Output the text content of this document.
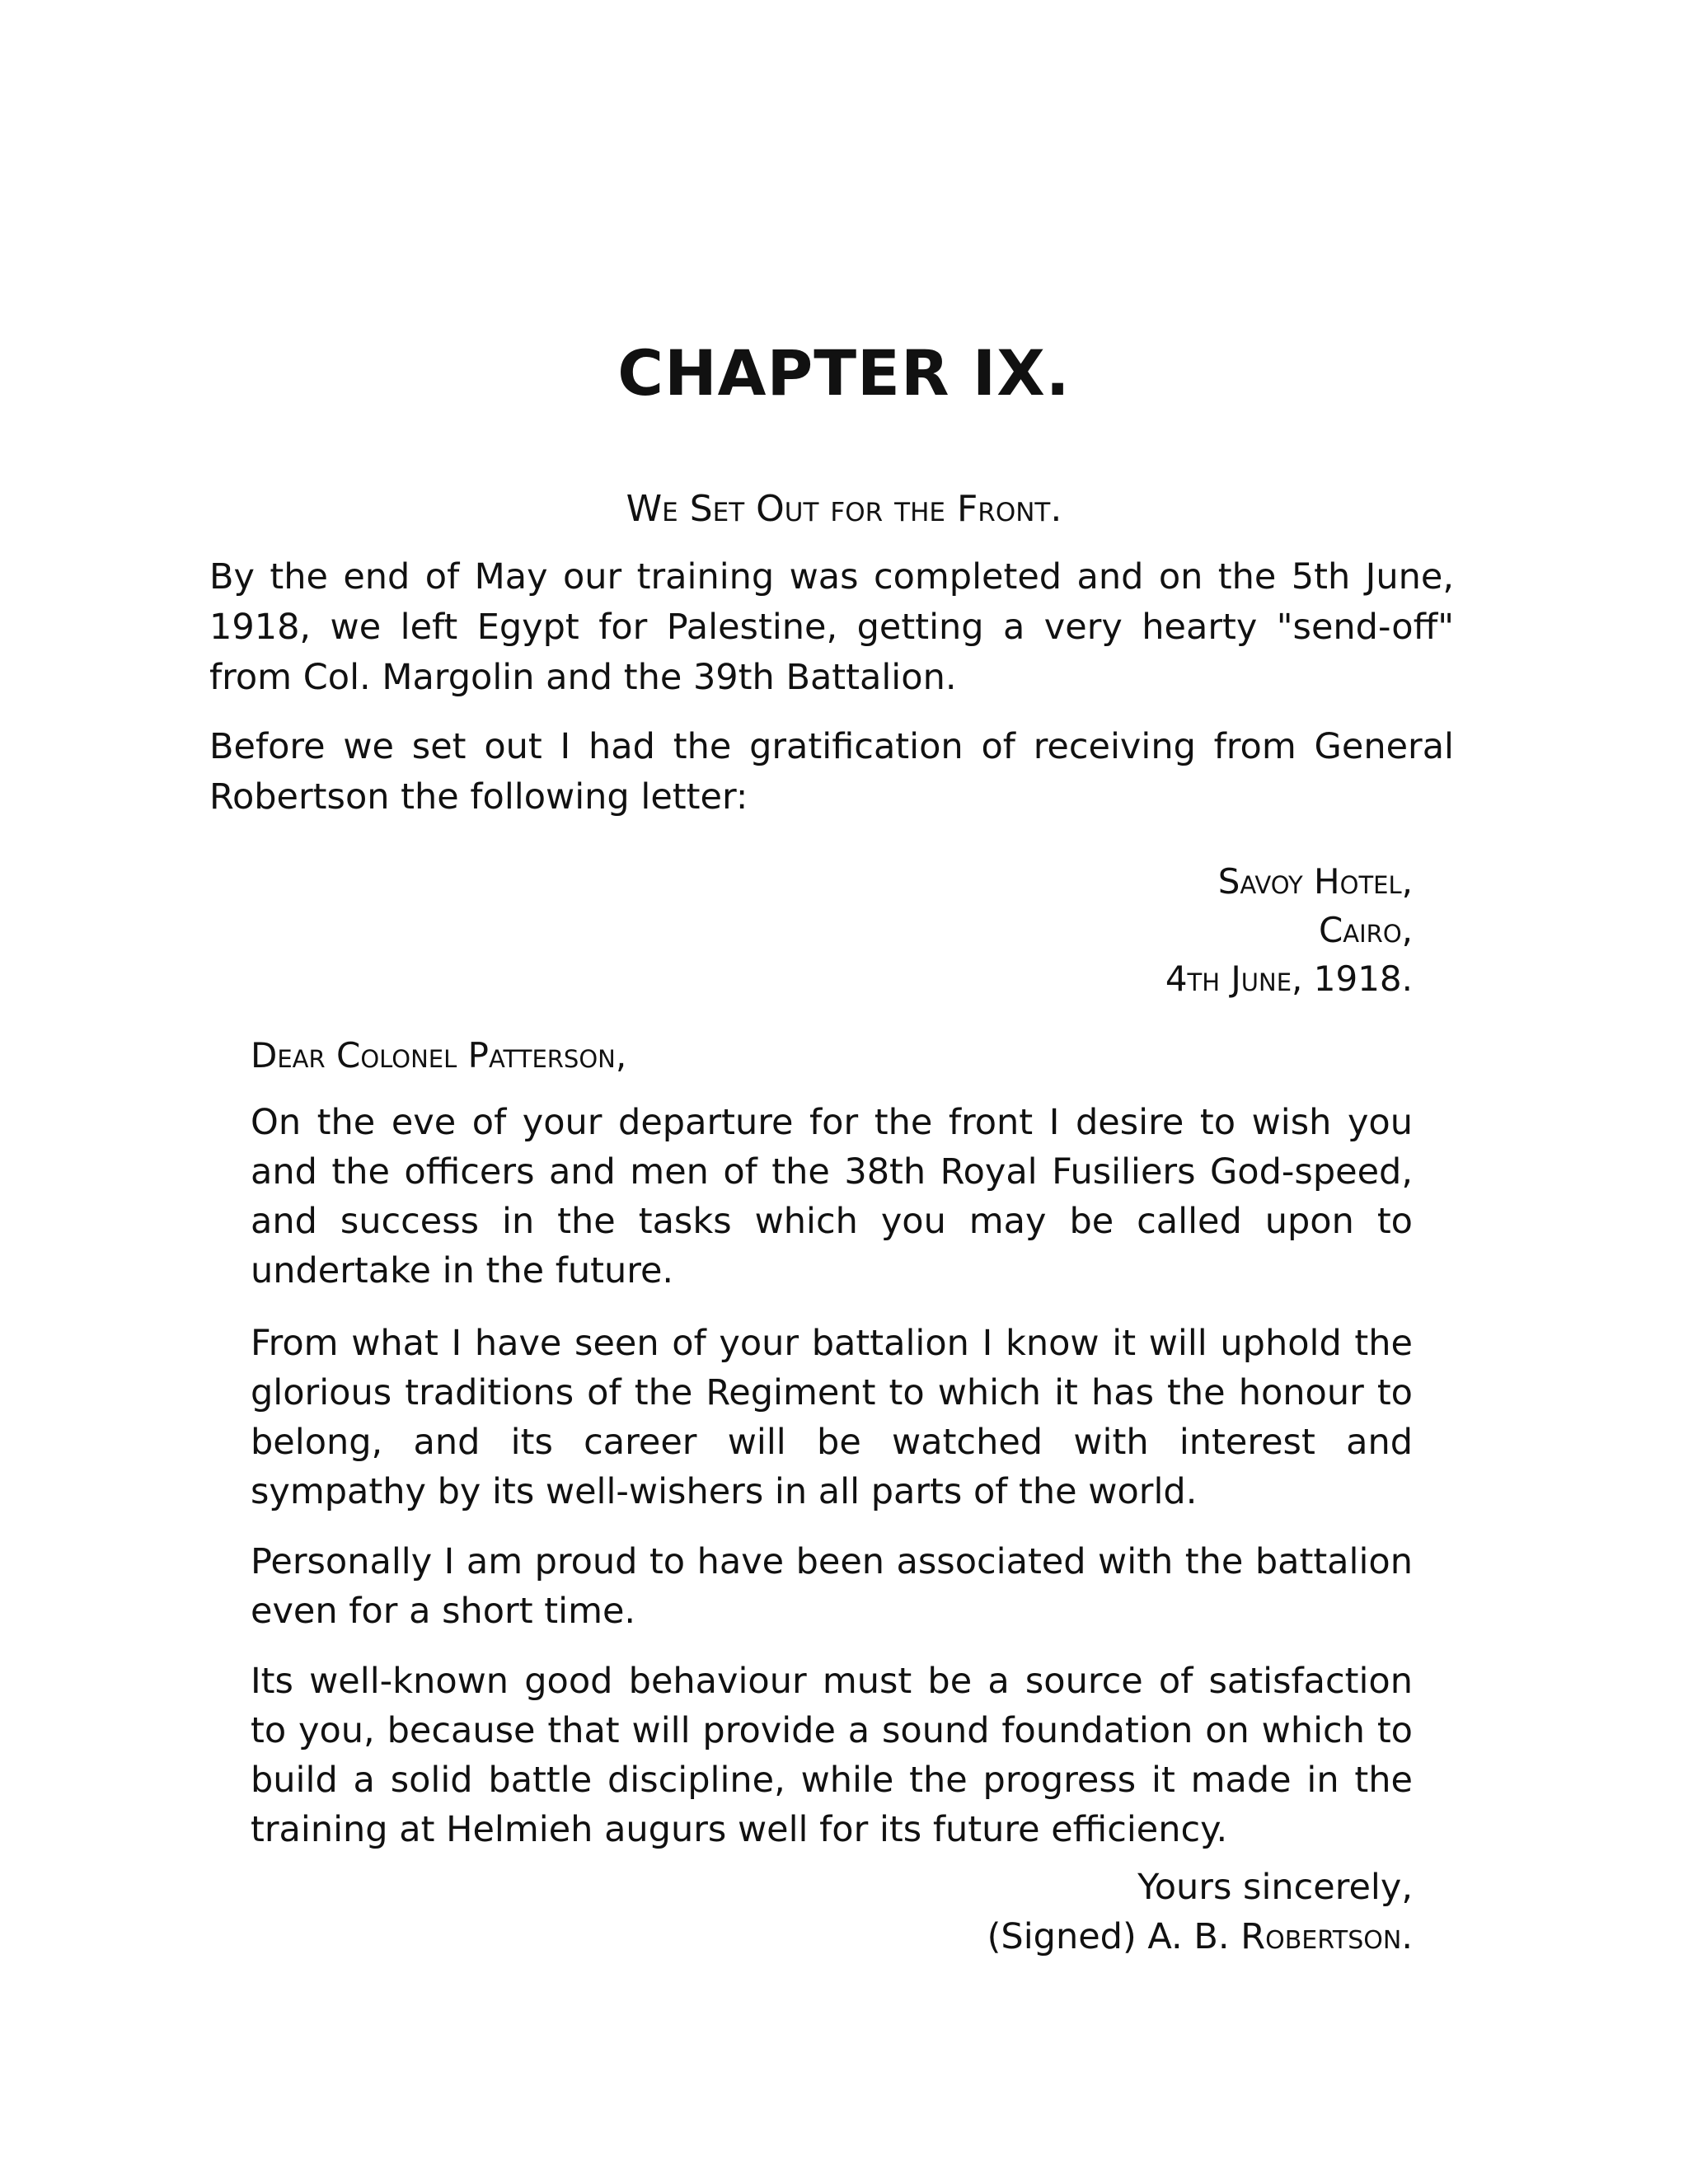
CHAPTER IX.
We Set Out for the Front.

By the end of May our training was completed and on the 5th June, 1918, we left Egypt for Palestine, getting a very hearty "send-off" from Col. Margolin and the 39th Battalion.

Before we set out I had the gratification of receiving from General Robertson the following letter:

Savoy Hotel,
Cairo,
4th June, 1918.
Dear Colonel Patterson,

On the eve of your departure for the front I desire to wish you and the officers and men of the 38th Royal Fusiliers God-speed, and success in the tasks which you may be called upon to undertake in the future.

From what I have seen of your battalion I know it will uphold the glorious traditions of the Regiment to which it has the honour to belong, and its career will be watched with interest and sympathy by its well-wishers in all parts of the world.

Personally I am proud to have been associated with the battalion even for a short time.

Its well-known good behaviour must be a source of satisfaction to you, because that will provide a sound foundation on which to build a solid battle discipline, while the progress it made in the training at Helmieh augurs well for its future efficiency.

Yours sincerely,
(Signed) A. B. Robertson.
